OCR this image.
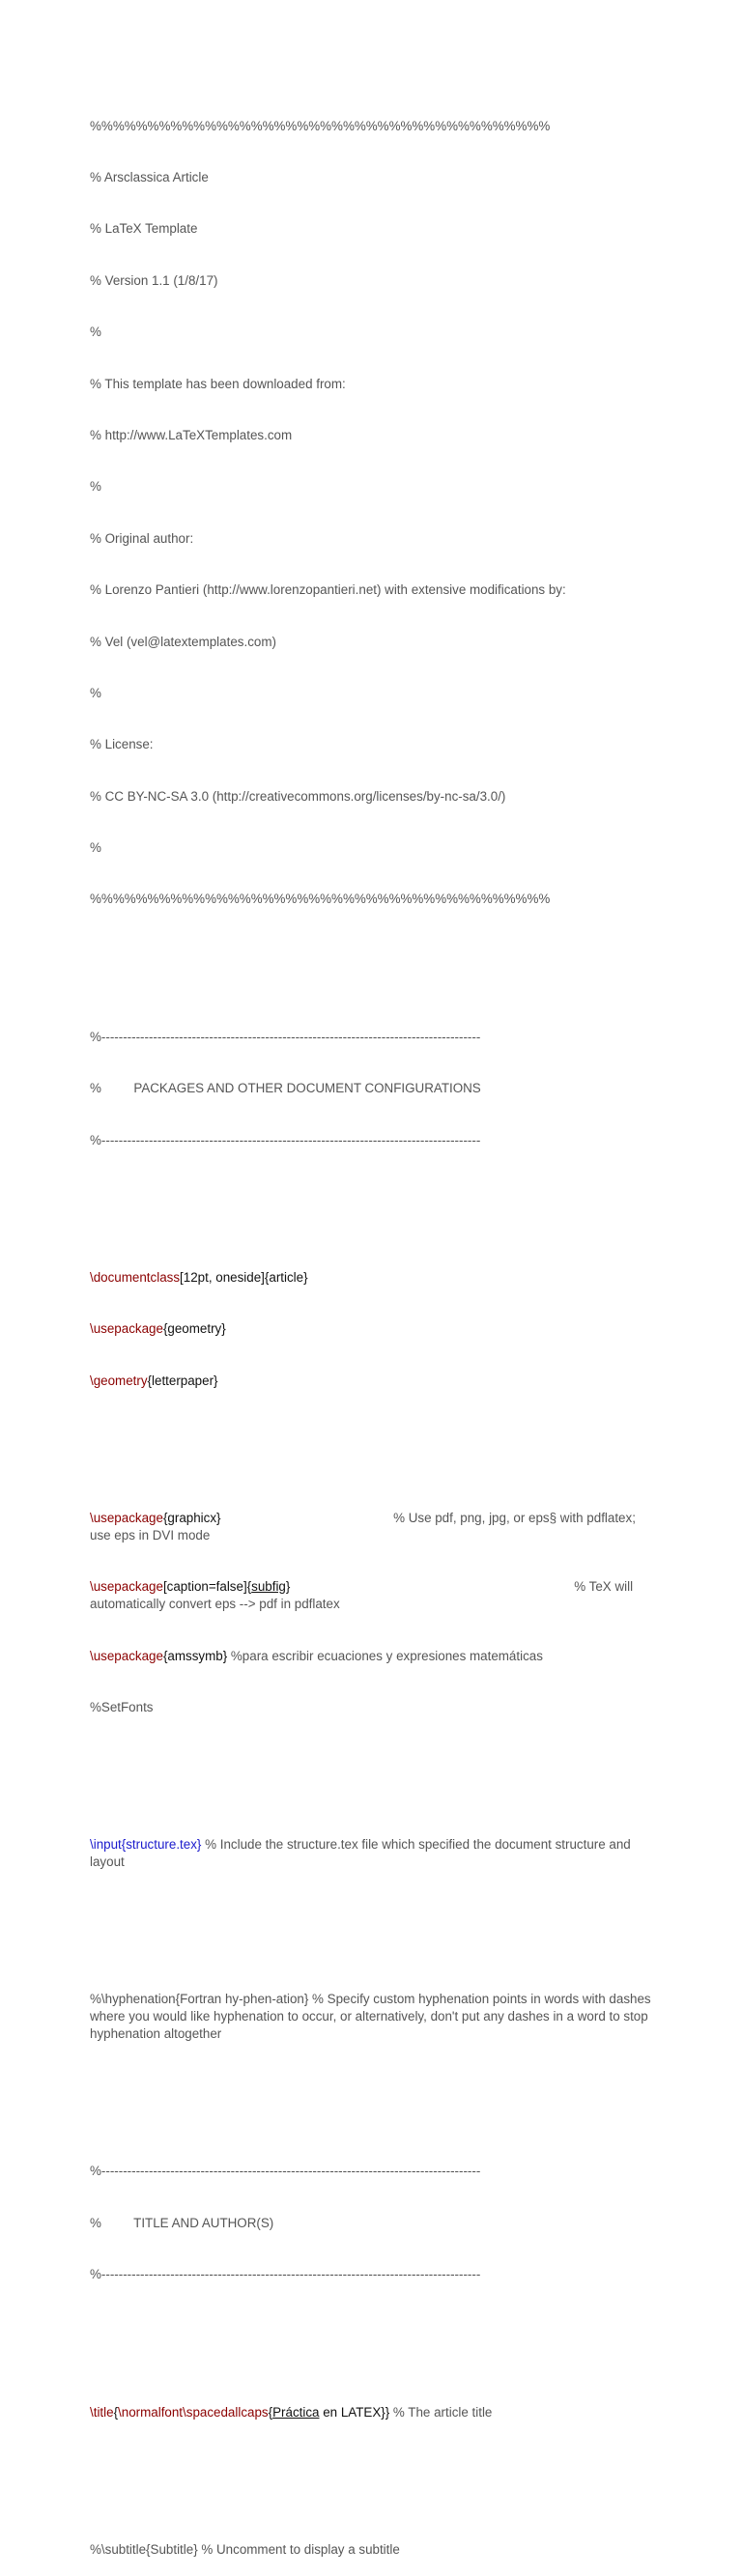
%%%%%%%%%%%%%%%%%%%%%%%%%%%%%%%%%%%%%%%%

% Arsclassica Article

% LaTeX Template

% Version 1.1 (1/8/17)

%

% This template has been downloaded from:

% http://www.LaTeXTemplates.com

%

% Original author:

% Lorenzo Pantieri (http://www.lorenzopantieri.net) with extensive modifications by:

% Vel (vel@latextemplates.com)

%

% License:

% CC BY-NC-SA 3.0 (http://creativecommons.org/licenses/by-nc-sa/3.0/)

%

%%%%%%%%%%%%%%%%%%%%%%%%%%%%%%%%%%%%%%%%

%----------------------------------------------------------------------------------------

%         PACKAGES AND OTHER DOCUMENT CONFIGURATIONS

%----------------------------------------------------------------------------------------

\documentclass[12pt, oneside]{article}

\usepackage{geometry}

\geometry{letterpaper}

\usepackage{graphicx}                                                % Use pdf, png, jpg, or eps§ with pdflatex; use eps in DVI mode

\usepackage[caption=false]{subfig}                                                                               % TeX will automatically convert eps --> pdf in pdflatex

\usepackage{amssymb} %para escribir ecuaciones y expresiones matemáticas

%SetFonts

\input{structure.tex} % Include the structure.tex file which specified the document structure and layout

%\hyphenation{Fortran hy-phen-ation} % Specify custom hyphenation points in words with dashes where you would like hyphenation to occur, or alternatively, don't put any dashes in a word to stop hyphenation altogether

%----------------------------------------------------------------------------------------

%         TITLE AND AUTHOR(S)

%----------------------------------------------------------------------------------------

\title{\normalfont\spacedallcaps{Práctica en LATEX}} % The article title

%\subtitle{Subtitle} % Uncomment to display a subtitle
